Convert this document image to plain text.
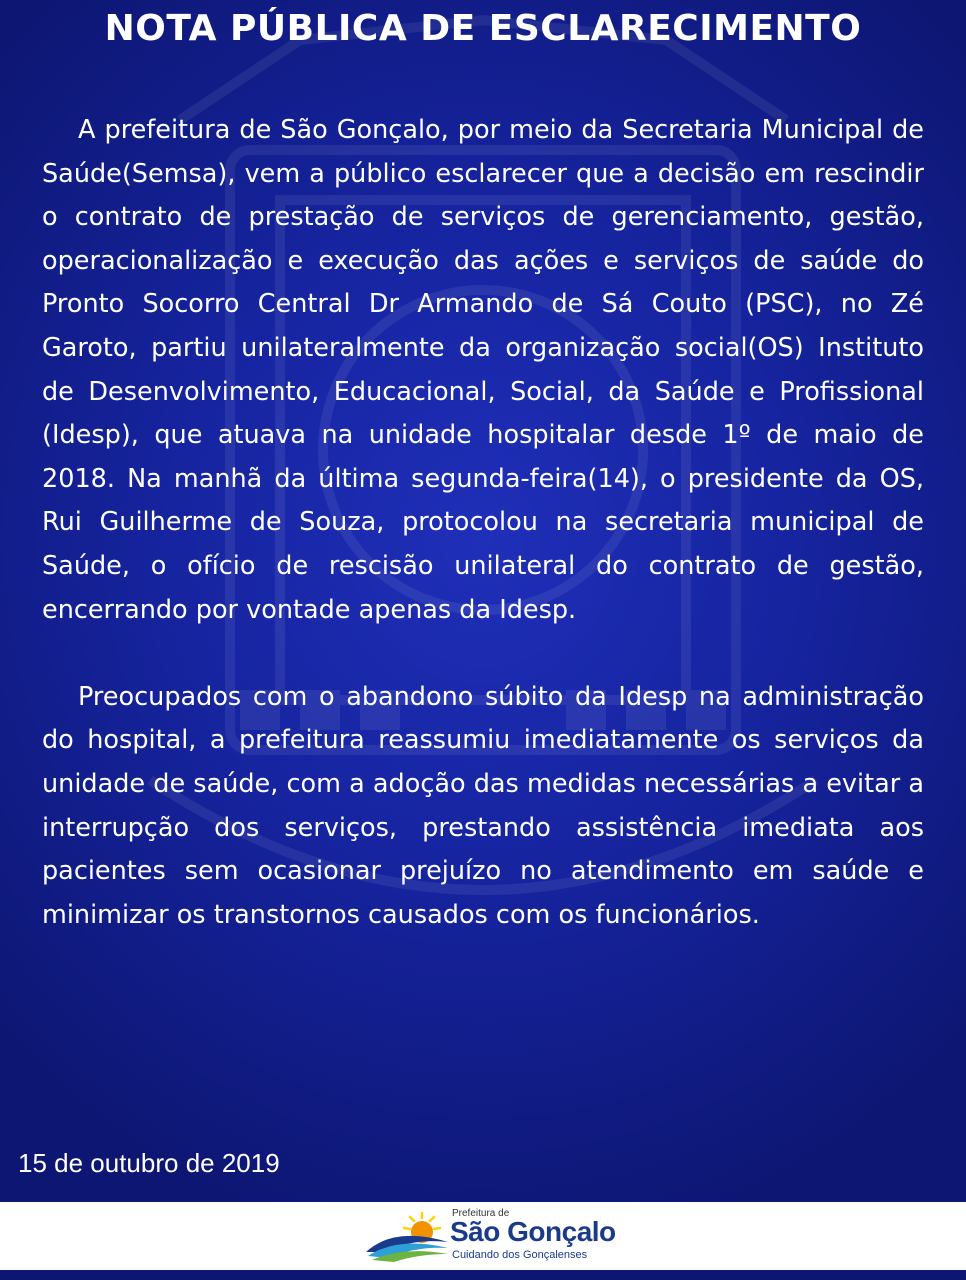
NOTA PÚBLICA DE ESCLARECIMENTO

A prefeitura de São Gonçalo, por meio da Secretaria Municipal de Saúde(Semsa), vem a público esclarecer que a decisão em rescindir o contrato de prestação de serviços de gerenciamento, gestão, operacionalização e execução das ações e serviços de saúde do Pronto Socorro Central Dr Armando de Sá Couto (PSC), no Zé Garoto, partiu unilateralmente da organização social(OS) Instituto de Desenvolvimento, Educacional, Social, da Saúde e Profissional (Idesp), que atuava na unidade hospitalar desde 1º de maio de 2018. Na manhã da última segunda-feira(14), o presidente da OS, Rui Guilherme de Souza, protocolou na secretaria municipal de Saúde, o ofício de rescisão unilateral do contrato de gestão, encerrando por vontade apenas da Idesp.

Preocupados com o abandono súbito da Idesp na administração do hospital, a prefeitura reassumiu imediatamente os serviços da unidade de saúde, com a adoção das medidas necessárias a evitar a interrupção dos serviços, prestando assistência imediata aos pacientes sem ocasionar prejuízo no atendimento em saúde e minimizar os transtornos causados com os funcionários.

15 de outubro de 2019
Prefeitura de
São Gonçalo
Cuidando dos Gonçalenses
